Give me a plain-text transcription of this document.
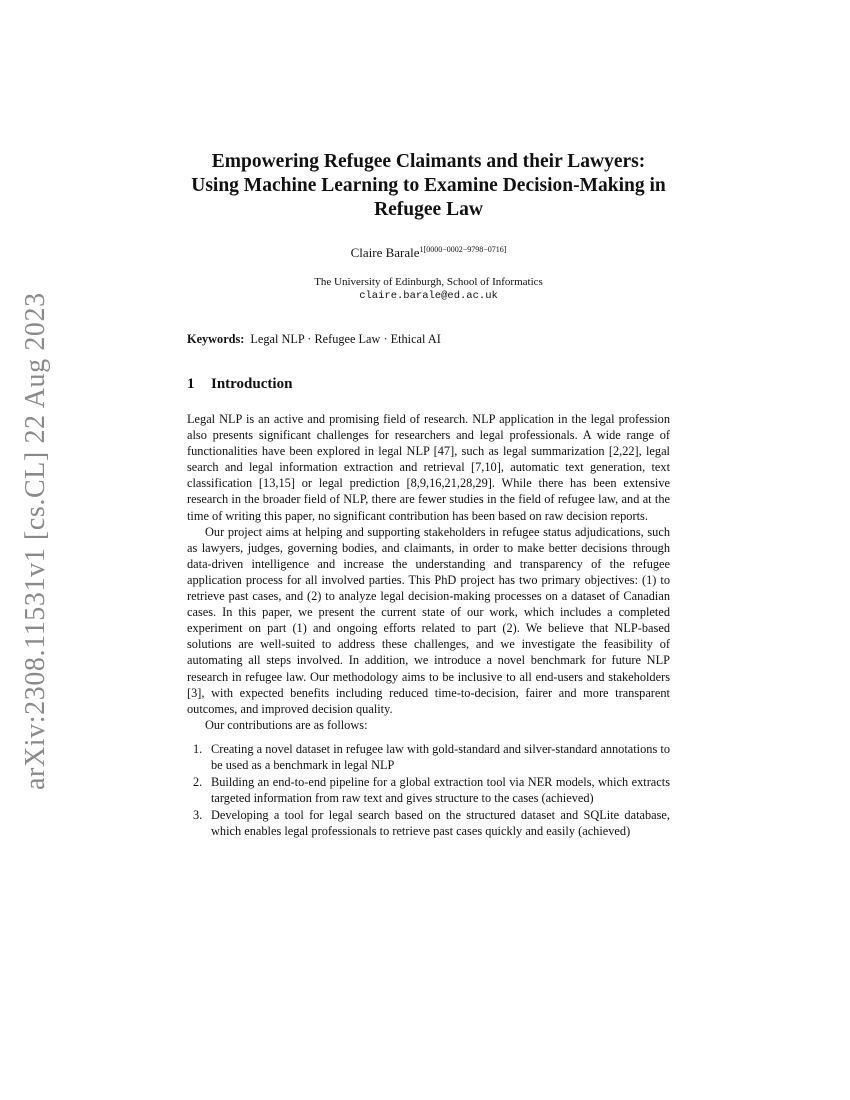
arXiv:2308.11531v1 [cs.CL] 22 Aug 2023
Empowering Refugee Claimants and their Lawyers: Using Machine Learning to Examine Decision-Making in Refugee Law
Claire Barale$^{1[0000-0002-9798-0716]}$
The University of Edinburgh, School of Informatics
claire.barale@ed.ac.uk
Keywords: Legal NLP · Refugee Law · Ethical AI
1 Introduction

Legal NLP is an active and promising field of research. NLP application in the legal profession also presents significant challenges for researchers and legal professionals. A wide range of functionalities have been explored in legal NLP [47], such as legal summarization [2,22], legal search and legal information extraction and retrieval [7,10], automatic text generation, text classification [13,15] or legal prediction [8,9,16,21,28,29]. While there has been extensive research in the broader field of NLP, there are fewer studies in the field of refugee law, and at the time of writing this paper, no significant contribution has been based on raw decision reports.

Our project aims at helping and supporting stakeholders in refugee status adjudications, such as lawyers, judges, governing bodies, and claimants, in order to make better decisions through data-driven intelligence and increase the understanding and transparency of the refugee application process for all involved parties. This PhD project has two primary objectives: (1) to retrieve past cases, and (2) to analyze legal decision-making processes on a dataset of Canadian cases. In this paper, we present the current state of our work, which includes a completed experiment on part (1) and ongoing efforts related to part (2). We believe that NLP-based solutions are well-suited to address these challenges, and we investigate the feasibility of automating all steps involved. In addition, we introduce a novel benchmark for future NLP research in refugee law. Our methodology aims to be inclusive to all end-users and stakeholders [3], with expected benefits including reduced time-to-decision, fairer and more transparent outcomes, and improved decision quality.

Our contributions are as follows:

1. Creating a novel dataset in refugee law with gold-standard and silver-standard annotations to be used as a benchmark in legal NLP
2. Building an end-to-end pipeline for a global extraction tool via NER models, which extracts targeted information from raw text and gives structure to the cases (achieved)
3. Developing a tool for legal search based on the structured dataset and SQLite database, which enables legal professionals to retrieve past cases quickly and easily (achieved)
